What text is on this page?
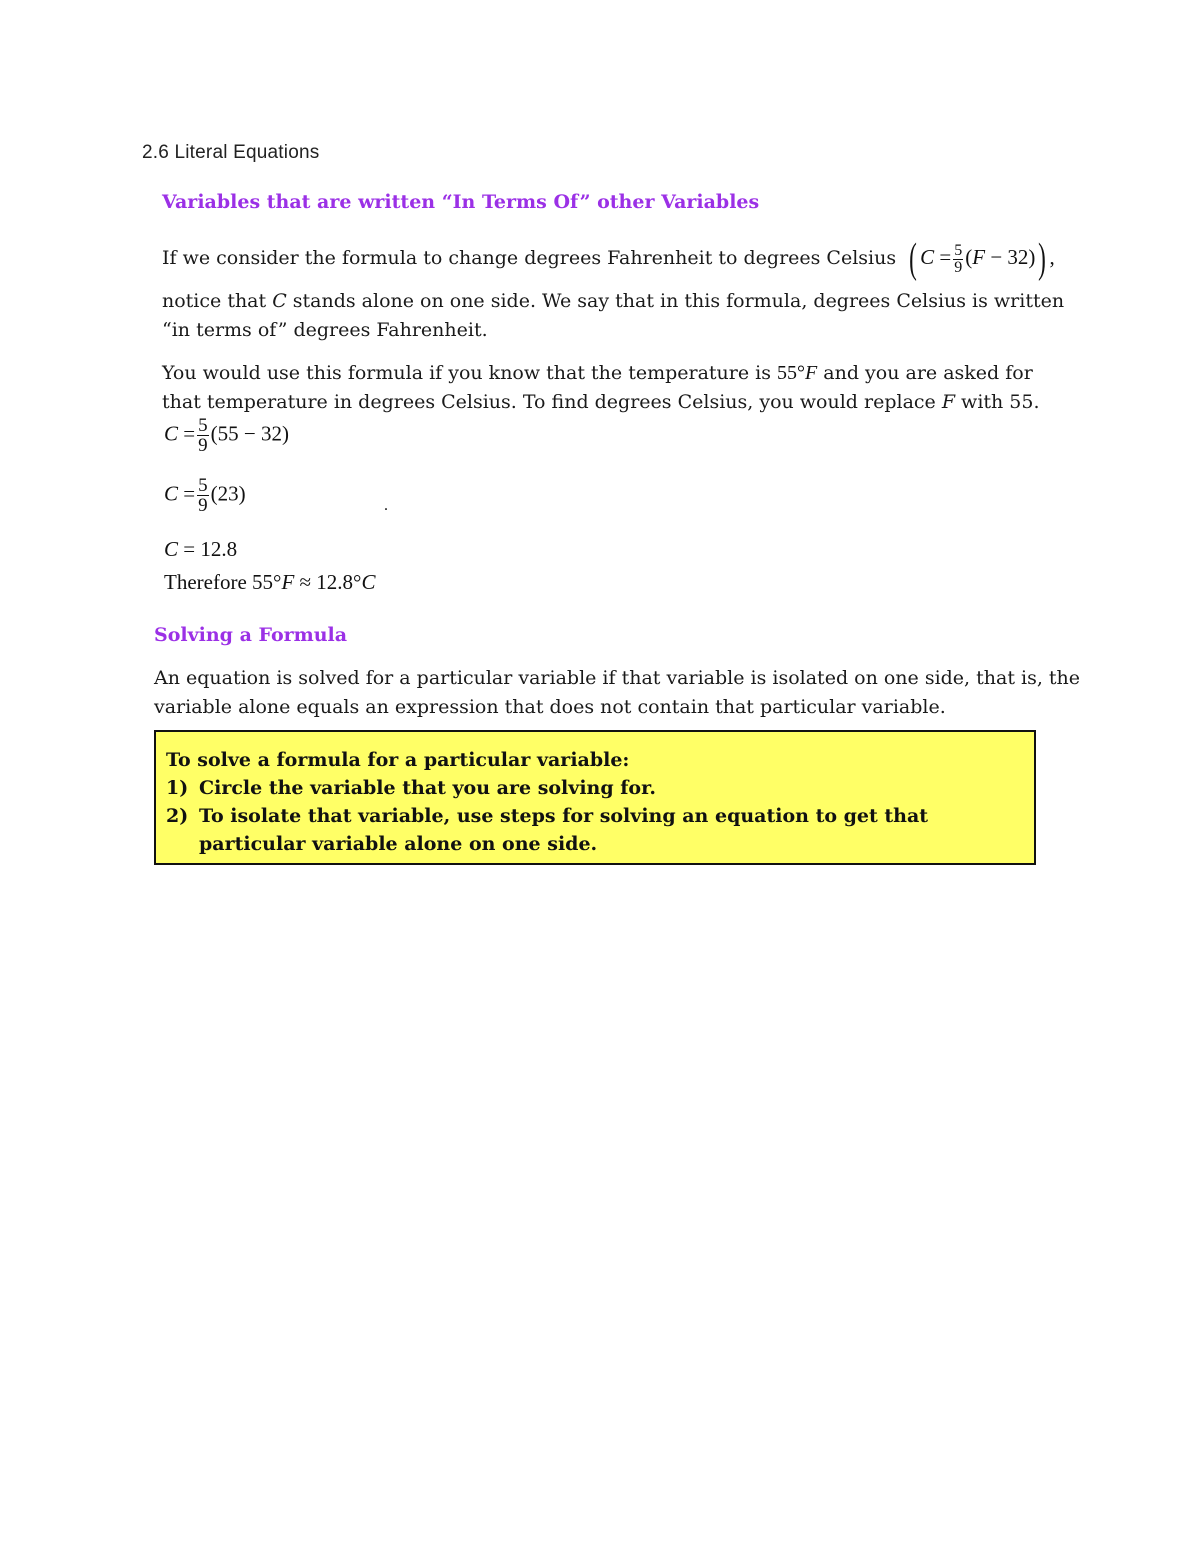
2.6 Literal Equations
Variables that are written “In Terms Of” other Variables
If we consider the formula to change degrees Fahrenheit to degrees Celsius ( $C = \frac{5}{9} (F - 32)$) ,
notice that C stands alone on one side. We say that in this formula, degrees Celsius is written
“in terms of” degrees Fahrenheit.
You would use this formula if you know that the temperature is 55°F and you are asked for
that temperature in degrees Celsius. To find degrees Celsius, you would replace F with 55.
$C = \frac{5}{9} (55 - 32)$
$C = \frac{5}{9} (23)$
.
C = 12.8
Therefore 55°F ≈ 12.8°C
Solving a Formula
An equation is solved for a particular variable if that variable is isolated on one side, that is, the
variable alone equals an expression that does not contain that particular variable.
To solve a formula for a particular variable:
1) Circle the variable that you are solving for.
2) To isolate that variable, use steps for solving an equation to get that particular variable alone on one side.
